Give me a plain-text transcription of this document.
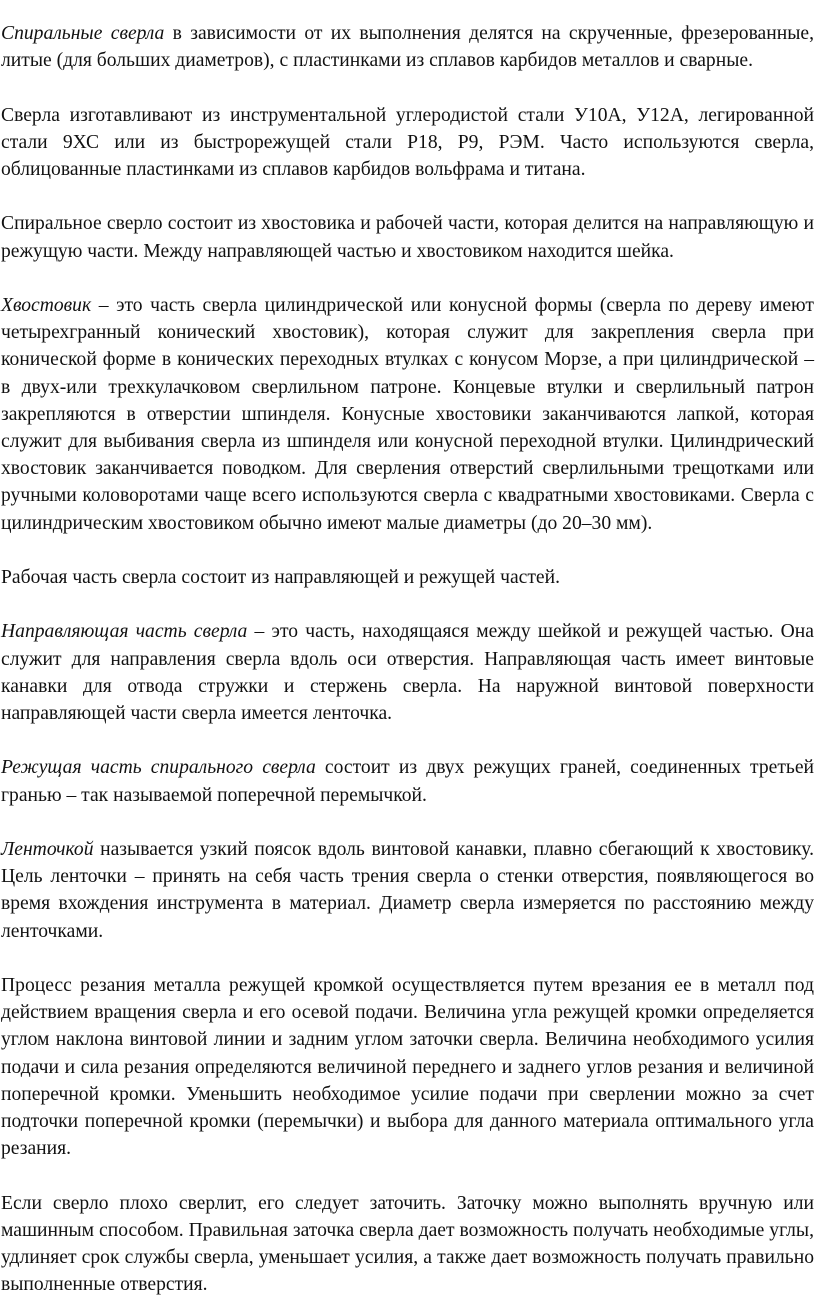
Спиральные сверла в зависимости от их выполнения делятся на скрученные, фрезерованные, литые (для больших диаметров), с пластинками из сплавов карбидов металлов и сварные.

Сверла изготавливают из инструментальной углеродистой стали У10А, У12А, легированной стали 9ХС или из быстрорежущей стали Р18, Р9, РЭМ. Часто используются сверла, облицованные пластинками из сплавов карбидов вольфрама и титана.

Спиральное сверло состоит из хвостовика и рабочей части, которая делится на направляющую и режущую части. Между направляющей частью и хвостовиком находится шейка.

Хвостовик – это часть сверла цилиндрической или конусной формы (сверла по дереву имеют четырехгранный конический хвостовик), которая служит для закрепления сверла при конической форме в конических переходных втулках с конусом Морзе, а при цилиндрической – в двух-или трехкулачковом сверлильном патроне. Концевые втулки и сверлильный патрон закрепляются в отверстии шпинделя. Конусные хвостовики заканчиваются лапкой, которая служит для выбивания сверла из шпинделя или конусной переходной втулки. Цилиндрический хвостовик заканчивается поводком. Для сверления отверстий сверлильными трещотками или ручными коловоротами чаще всего используются сверла с квадратными хвостовиками. Сверла с цилиндрическим хвостовиком обычно имеют малые диаметры (до 20–30 мм).

Рабочая часть сверла состоит из направляющей и режущей частей.

Направляющая часть сверла – это часть, находящаяся между шейкой и режущей частью. Она служит для направления сверла вдоль оси отверстия. Направляющая часть имеет винтовые канавки для отвода стружки и стержень сверла. На наружной винтовой поверхности направляющей части сверла имеется ленточка.

Режущая часть спирального сверла состоит из двух режущих граней, соединенных третьей гранью – так называемой поперечной перемычкой.

Ленточкой называется узкий поясок вдоль винтовой канавки, плавно сбегающий к хвостовику. Цель ленточки – принять на себя часть трения сверла о стенки отверстия, появляющегося во время вхождения инструмента в материал. Диаметр сверла измеряется по расстоянию между ленточками.

Процесс резания металла режущей кромкой осуществляется путем врезания ее в металл под действием вращения сверла и его осевой подачи. Величина угла режущей кромки определяется углом наклона винтовой линии и задним углом заточки сверла. Величина необходимого усилия подачи и сила резания определяются величиной переднего и заднего углов резания и величиной поперечной кромки. Уменьшить необходимое усилие подачи при сверлении можно за счет подточки поперечной кромки (перемычки) и выбора для данного материала оптимального угла резания.

Если сверло плохо сверлит, его следует заточить. Заточку можно выполнять вручную или машинным способом. Правильная заточка сверла дает возможность получать необходимые углы, удлиняет срок службы сверла, уменьшает усилия, а также дает возможность получать правильно выполненные отверстия.
